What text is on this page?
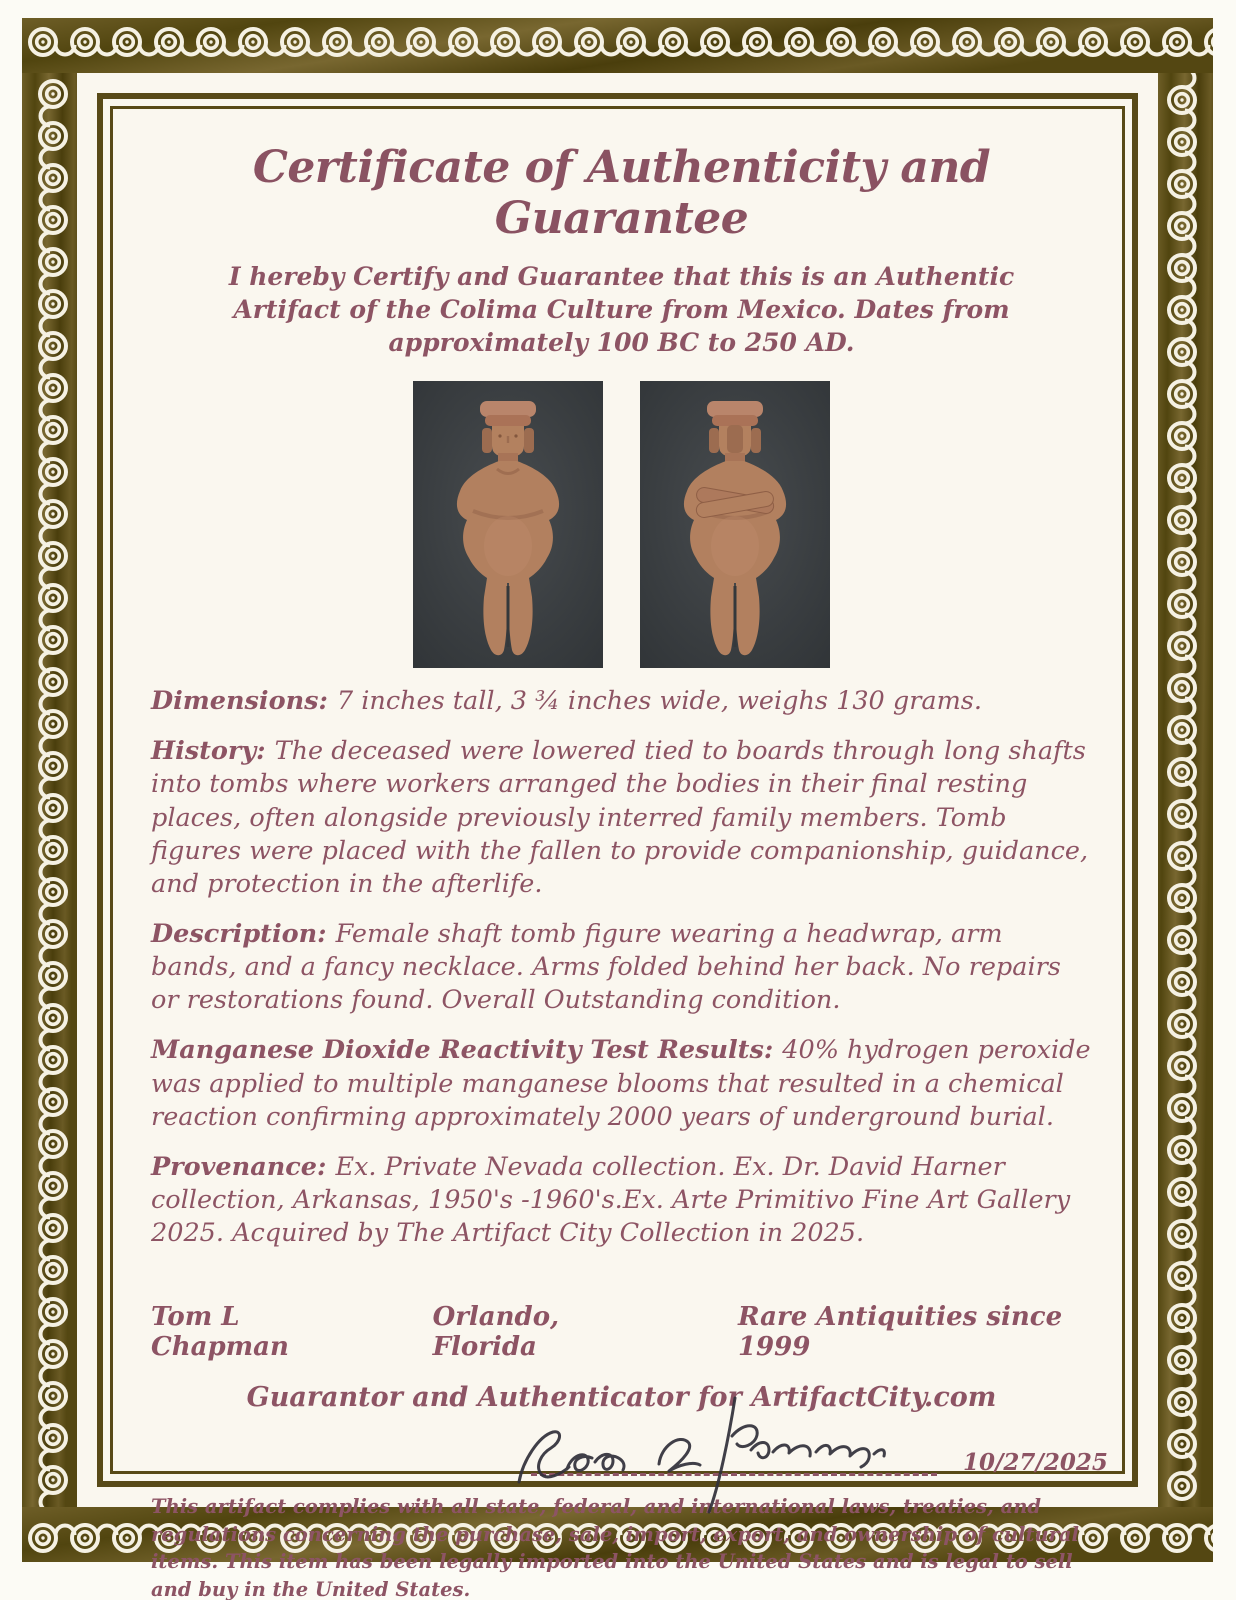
Certificate of Authenticity and Guarantee

I hereby Certify and Guarantee that this is an Authentic Artifact of the Colima Culture from Mexico. Dates from approximately 100 BC to 250 AD.

Dimensions: 7 inches tall, 3 ¾ inches wide, weighs 130 grams.

History: The deceased were lowered tied to boards through long shafts into tombs where workers arranged the bodies in their final resting places, often alongside previously interred family members. Tomb figures were placed with the fallen to provide companionship, guidance, and protection in the afterlife.

Description: Female shaft tomb figure wearing a headwrap, arm bands, and a fancy necklace. Arms folded behind her back. No repairs or restorations found. Overall Outstanding condition.

Manganese Dioxide Reactivity Test Results: 40% hydrogen peroxide was applied to multiple manganese blooms that resulted in a chemical reaction confirming approximately 2000 years of underground burial.

Provenance: Ex. Private Nevada collection. Ex. Dr. David Harner collection, Arkansas, 1950's -1960's.Ex. Arte Primitivo Fine Art Gallery 2025. Acquired by The Artifact City Collection in 2025.

Tom L Chapman
Orlando, Florida
Rare Antiquities since 1999

Guarantor and Authenticator for ArtifactCity.com

10/27/2025

This artifact complies with all state, federal, and international laws, treaties, and regulations concerning the purchase, sale, import, export, and ownership of cultural items. This item has been legally imported into the United States and is legal to sell and buy in the United States.
